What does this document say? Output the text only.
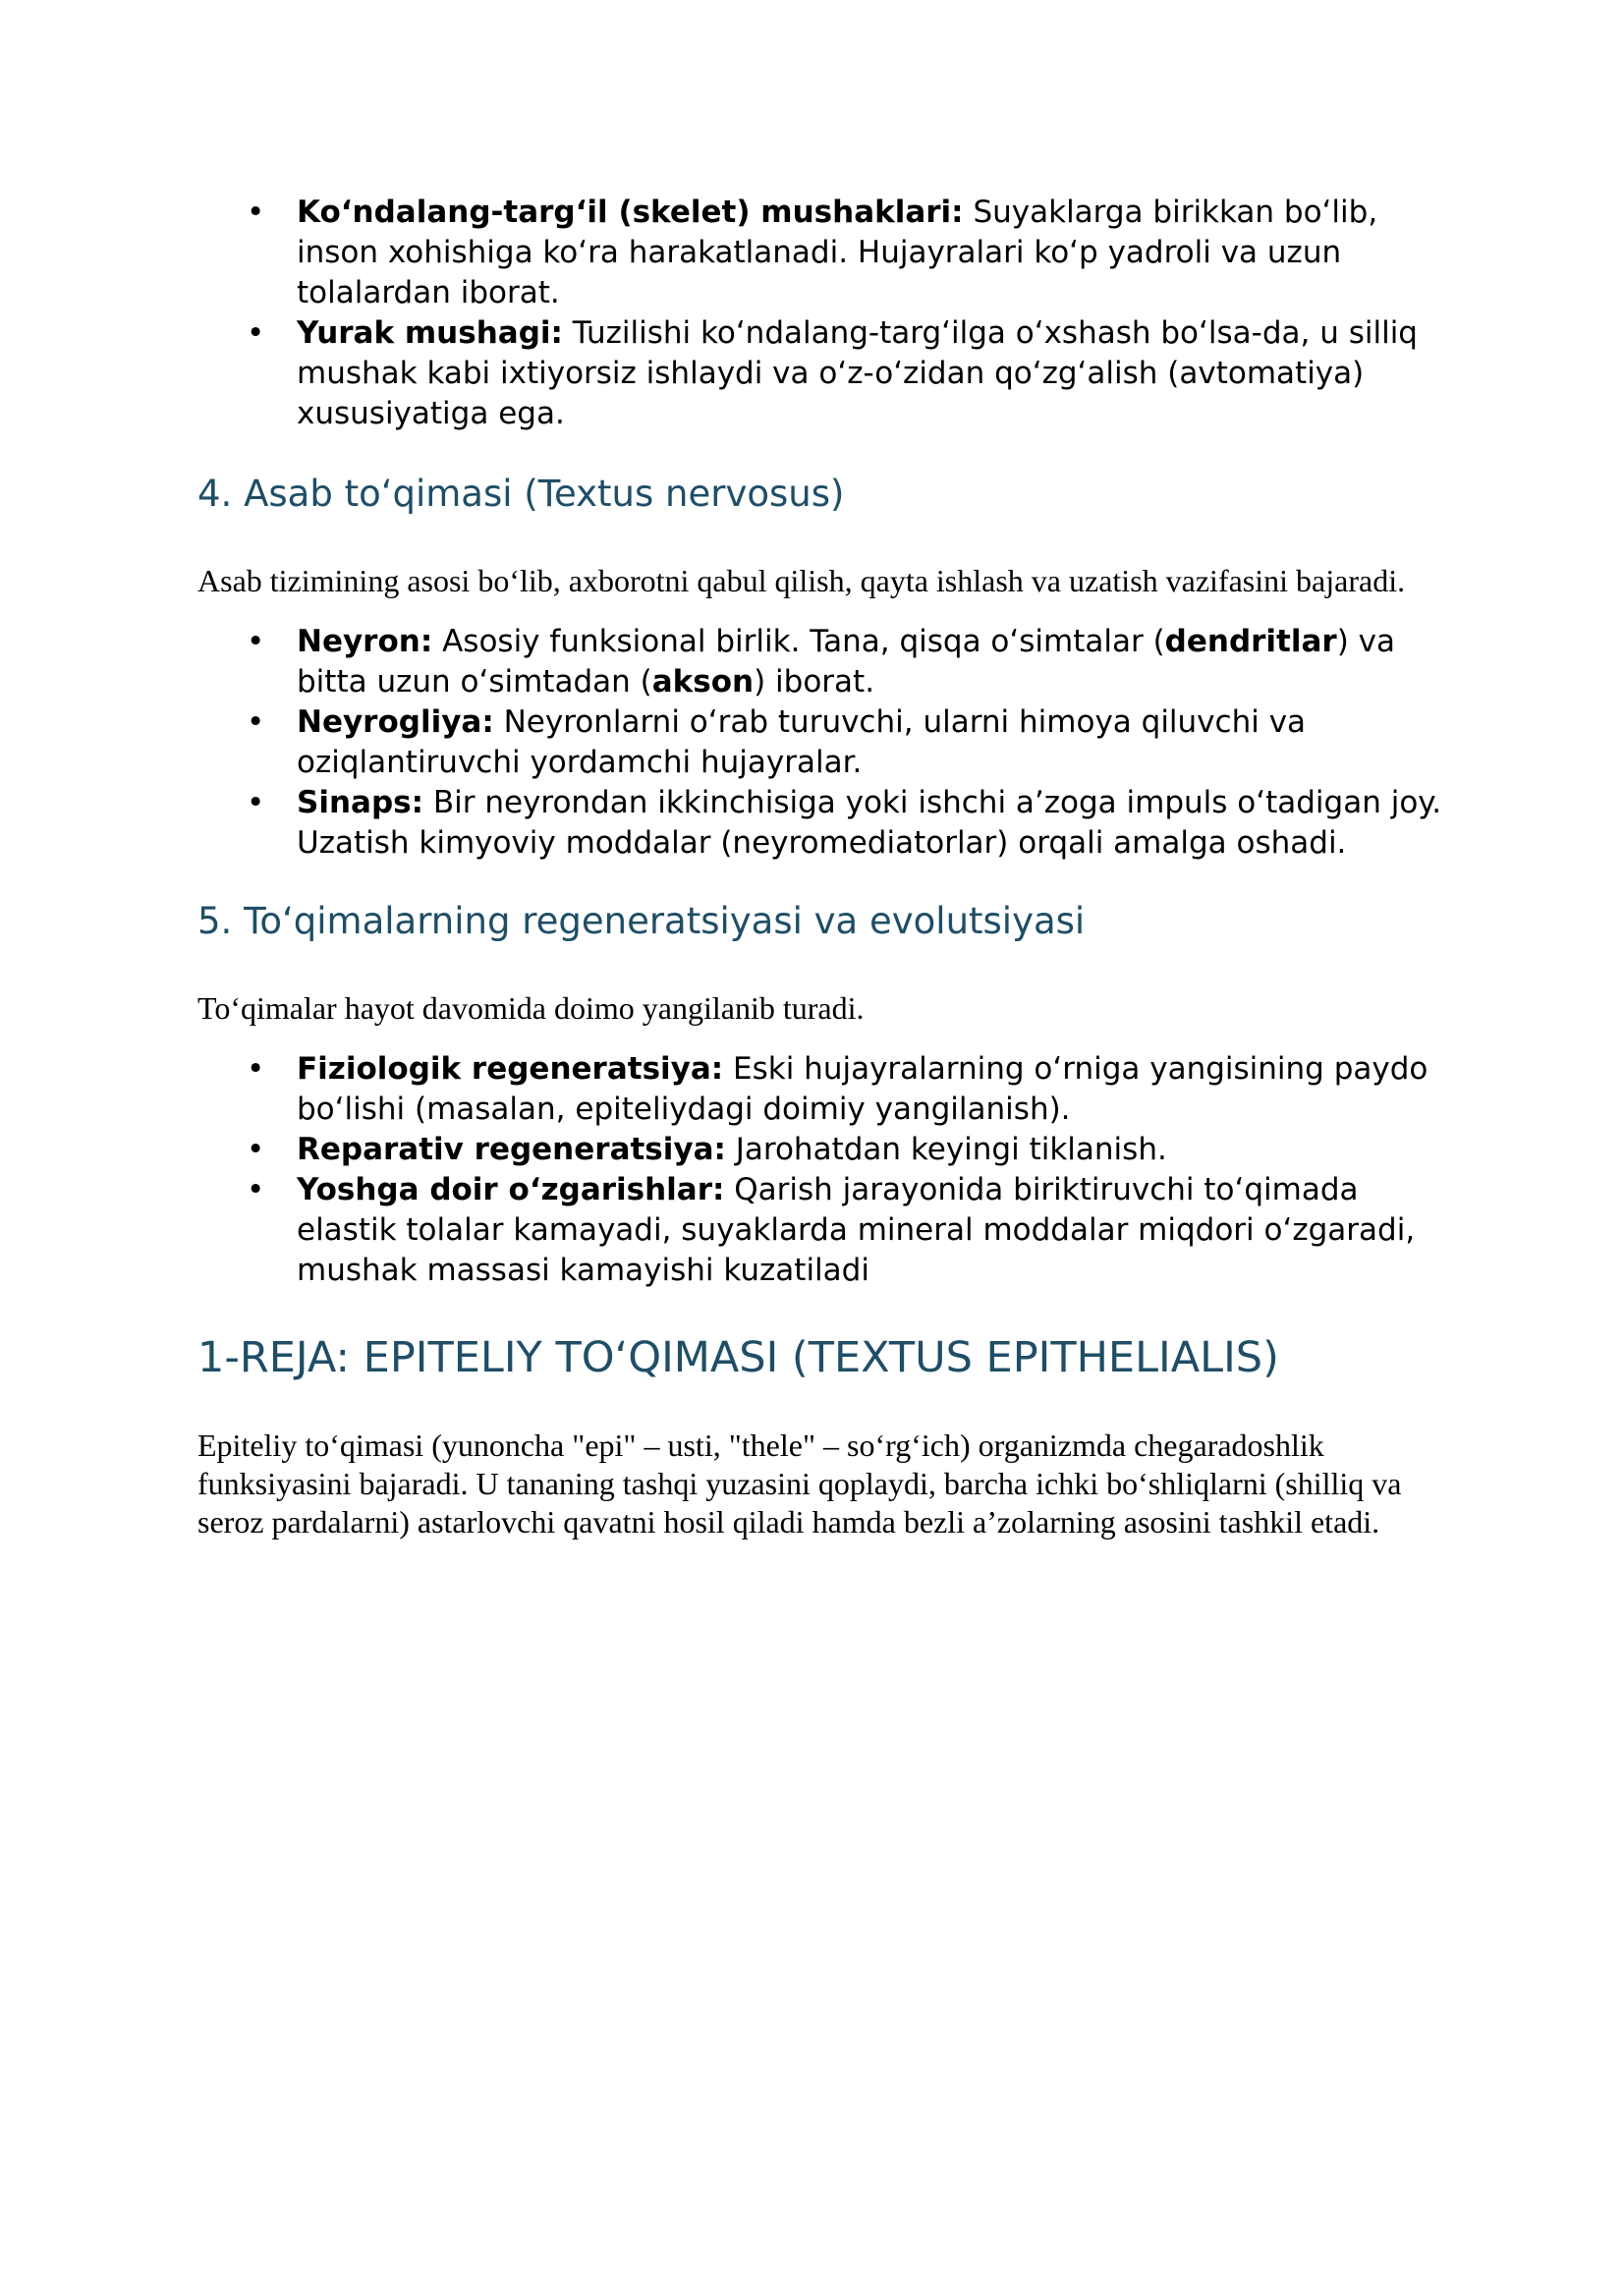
• Ko‘ndalang-targ‘il (skelet) mushaklari: Suyaklarga birikkan bo‘lib, inson xohishiga ko‘ra harakatlanadi. Hujayralari ko‘p yadroli va uzun tolalardan iborat.
• Yurak mushagi: Tuzilishi ko‘ndalang-targ‘ilga o‘xshash bo‘lsa-da, u silliq mushak kabi ixtiyorsiz ishlaydi va o‘z-o‘zidan qo‘zg‘alish (avtomatiya) xususiyatiga ega.
4. Asab to‘qimasi (Textus nervosus)

Asab tizimining asosi bo‘lib, axborotni qabul qilish, qayta ishlash va uzatish vazifasini bajaradi.

• Neyron: Asosiy funksional birlik. Tana, qisqa o‘simtalar (dendritlar) va bitta uzun o‘simtadan (akson) iborat.
• Neyrogliya: Neyronlarni o‘rab turuvchi, ularni himoya qiluvchi va oziqlantiruvchi yordamchi hujayralar.
• Sinaps: Bir neyrondan ikkinchisiga yoki ishchi a’zoga impuls o‘tadigan joy. Uzatish kimyoviy moddalar (neyromediatorlar) orqali amalga oshadi.
5. To‘qimalarning regeneratsiyasi va evolutsiyasi

To‘qimalar hayot davomida doimo yangilanib turadi.

• Fiziologik regeneratsiya: Eski hujayralarning o‘rniga yangisining paydo bo‘lishi (masalan, epiteliydagi doimiy yangilanish).
• Reparativ regeneratsiya: Jarohatdan keyingi tiklanish.
• Yoshga doir o‘zgarishlar: Qarish jarayonida biriktiruvchi to‘qimada elastik tolalar kamayadi, suyaklarda mineral moddalar miqdori o‘zgaradi, mushak massasi kamayishi kuzatiladi
1-REJA: EPITELIY TO‘QIMASI (TEXTUS EPITHELIALIS)

Epiteliy to‘qimasi (yunoncha "epi" – usti, "thele" – so‘rg‘ich) organizmda chegaradoshlik funksiyasini bajaradi. U tananing tashqi yuzasini qoplaydi, barcha ichki bo‘shliqlarni (shilliq va seroz pardalarni) astarlovchi qavatni hosil qiladi hamda bezli a’zolarning asosini tashkil etadi.
